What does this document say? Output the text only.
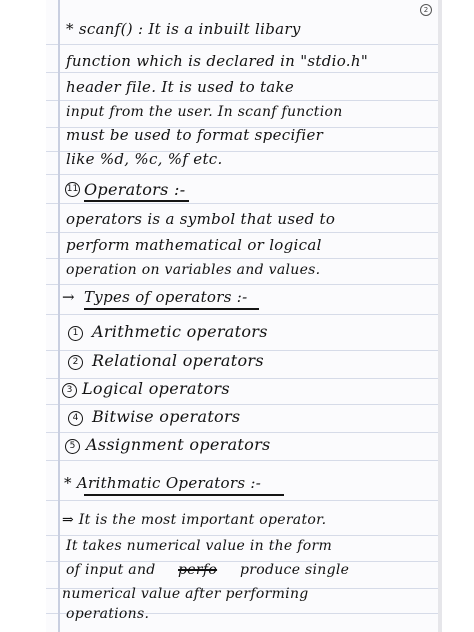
2
* scanf() : It is a inbuilt libary
function which is declared in "stdio.h"
header file. It is used to take
input from the user. In scanf function
must be used to format specifier
like %d, %c, %f etc.
11 Operators :-
operators is a symbol that used to
perform mathematical or logical
operation on variables and values.
→ Types of operators :-
1 Arithmetic operators
2 Relational operators
3 Logical operators
4 Bitwise operators
5 Assignment operators
* Arithmatic Operators :-
⇒ It is the most important operator.
It takes numerical value in the form
of input and perfo produce single
numerical value after performing
operations.
